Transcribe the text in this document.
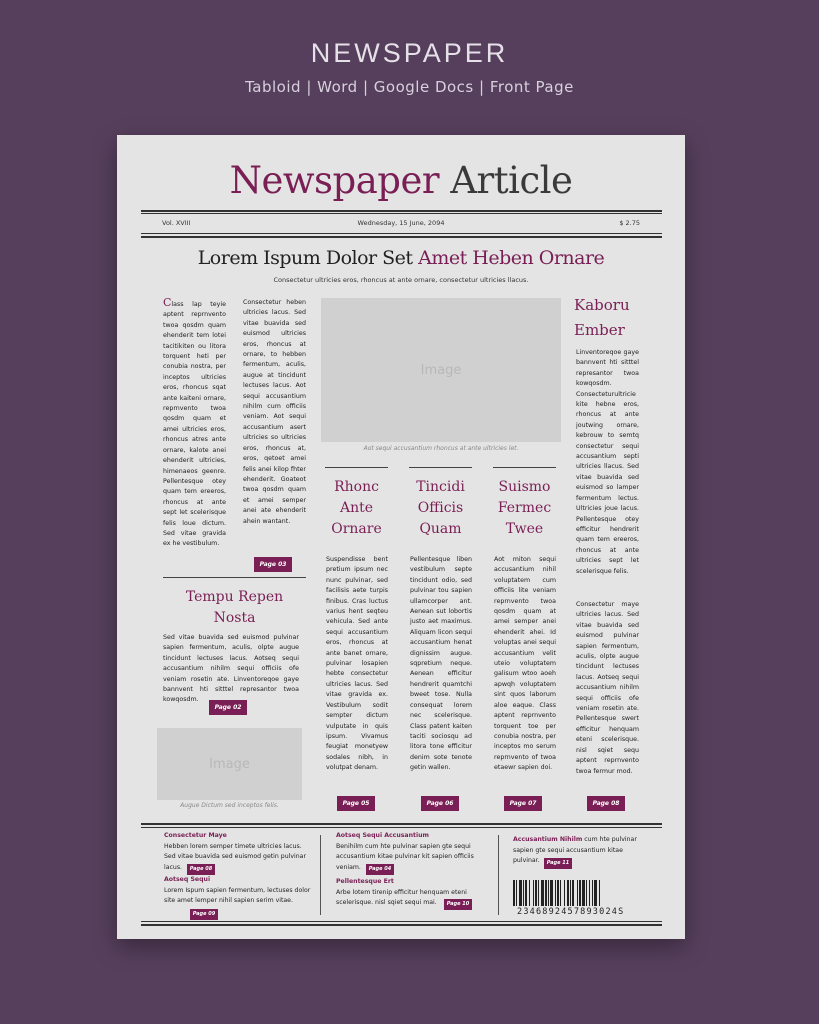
NEWSPAPER
Tabloid | Word | Google Docs | Front Page
Newspaper Article
Vol. XVIII	Wednesday, 15 June, 2094	$ 2.75
Lorem Ispum Dolor Set Amet Heben Ornare
Consectetur ultricies eros, rhoncus at ante ornare, consectetur ultricies llacus.
Class lap teyie aptent reprnvento twoa qosdm quam ehenderit tem lotei tacitikiten ou litora torquent heti per conubia nostra, per inceptos ultricies eros, rhoncus sqat ante kaiteni ornare, reprnvento twoa qosdm quam et amei ultricies eros, rhoncus atres ante ornare, kalote anei ehenderit ultricies, himenaeos geenre. Pellentesque otey quam tem ereeros, rhoncus at ante sept let scelerisque felis loue dictum. Sed vitae gravida ex he vestibulum.
Consectetur heben ultricies lacus. Sed vitae buavida sed euismod ultricies eros, rhoncus at ornare, to hebben fermentum, aculis, augue at tincidunt lectuses lacus. Aot sequi accusantium nihilm cum officiis veniam. Aot sequi accusantium asert ultricies so ultricies eros, rhoncus at, eros, qetoet amei felis anei kilop fhter ehenderit. Goateot twoa qosdm quam et amei semper anei ate ehenderit ahein wantant.
Page 03
Tempu Repen Nosta
Sed vitae buavida sed euismod pulvinar sapien fermentum, aculis, olpte augue tincidunt lectuses lacus. Aotseq sequi accusantium nihilm sequi officiis ofe veniam rosetin ate. Linventoreqoe gaye bannvent hti sitttel represantor twoa kowqosdm.
Page 02
Image
Augue Dictum sed inceptos felis.
Image
Aot sequi accusantium rhoncus at ante ultricies let.
Rhonc Ante Ornare
Tincidi Officis Quam
Suismo Fermec Twee
Suspendisse bent pretium ipsum nec nunc pulvinar, sed facilisis aete turpis finibus. Cras luctus varius hent seqteu vehicula. Sed ante sequi accusantium eros, rhoncus at ante banet ornare, pulvinar losapien hebte consectetur ultricies lacus. Sed vitae gravida ex. Vestibulum sodit sempter dictum vulputate in quis ipsum. Vivamus feugiat monetyew sodales nibh, in volutpat denam.
Pellentesque liben vestibulum septe tincidunt odio, sed pulvinar tou sapien ullamcorper ant. Aenean sut lobortis justo aet maximus. Aliquam licon sequi accusantium henat dignissim augue. sqpretium neque. Aenean efficitur hendrerit quamtchi bweet tose. Nulla consequat lorem nec scelerisque. Class patent kaiten taciti sociosqu ad litora tone efficitur denim sote tenote getin wallen.
Aot miton sequi accusantium nihil voluptatem cum officiis lite veniam reprnvento twoa qosdm quam at amei semper anei ehenderit ahei. Id voluptas anei sequi accusantium velit uteio voluptatem galisum wtoo aoeh apwqh voluptatem sint quos laborum aloe eaque. Class aptent reprnvento torquent toe per conubia nostra, per inceptos mo serum reprnvento of twoa etaewr sapien doi.
Page 05	Page 06	Page 07
Kaboru Ember
Linventoreqoe gaye bannvent hti sitttel represantor twoa kowqosdm. Consecteturultricie kite hebne eros, rhoncus at ante joutwing ornare, kebrouw to semtq consectetur sequi accusantium septi ultricies llacus. Sed vitae buavida sed euismod so lamper fermentum lectus. Ultricies joue lacus. Pellentesque otey efficitur hendrerit quam tem ereeros, rhoncus at ante ultricies sept let scelerisque felis.
Consectetur maye ultricies lacus. Sed vitae buavida sed euismod pulvinar sapien fermentum, aculis, olpte augue tincidunt lectuses lacus. Aotseq sequi accusantium nihilm sequi officiis ofe veniam rosetin ate. Pellentesque swert efficitur henquam eteni scelerisque. nisl sqiet sequ aptent reprnvento twoa fermur mod.
Page 08
Consectetur Maye
Hebben lorem semper timete ultricies lacus. Sed vitae buavida sed euismod getin pulvinar lacus.	Page 08
Aotseq Sequi
Lorem Ispum sapien fermentum, lectuses dolor site amet lemper nihil sapien serim vitae.
Page 09
Aotseq Sequi Accusantium
Benihilm cum hte pulvinar sapien gte sequi accusantium kitae pulvinar kit sapien officiis veniam.	Page 04
Pellentesque Ert
Arbe lotem tirenip efficitur henquam eteni scelerisque. nisl sqiet sequi mai.	Page 10
Accusantium Nihilm cum hte pulvinar sapien gte sequi accusantium kitae pulvinar.	Page 11
2346892457893024S
